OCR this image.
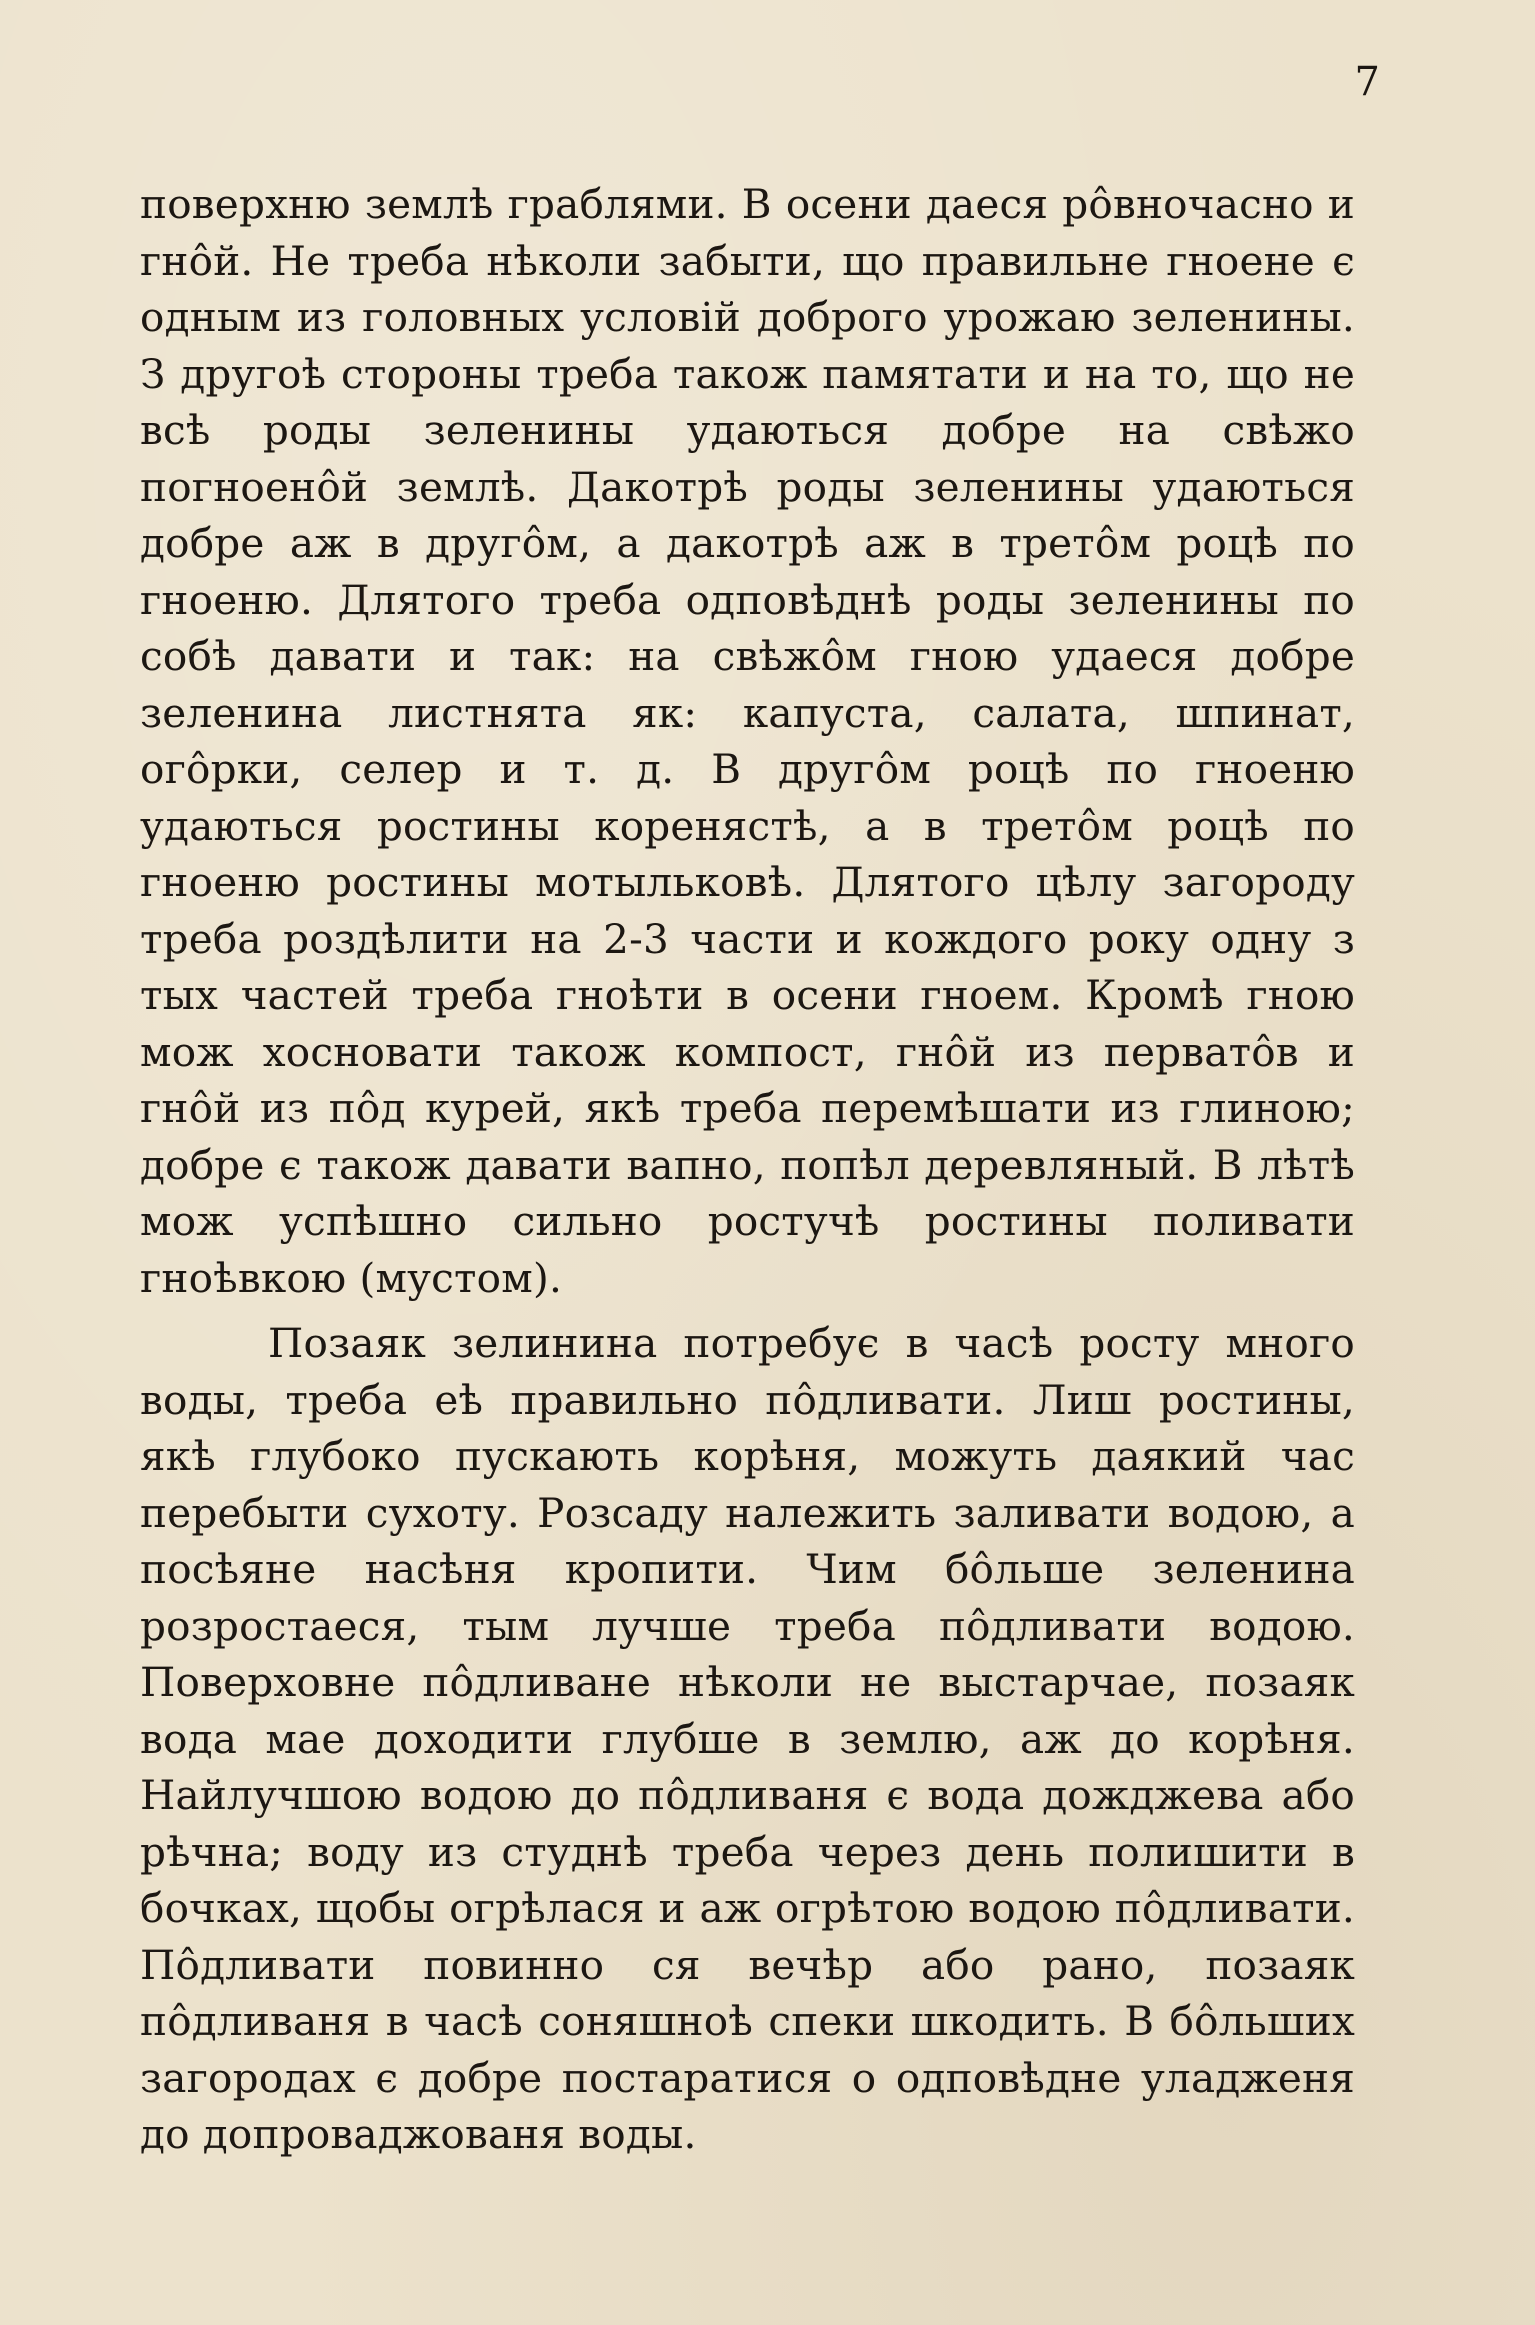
7

поверхню землѣ граблями. В осени даеся рôвночасно и гнôй. Не треба нѣколи забыти, що правильне гноене є одным из головных условій доброго урожаю зеленины. З другоѣ стороны треба також памятати и на то, що не всѣ роды зеленины удаються добре на свѣжо погноенôй землѣ. Дакотрѣ роды зеленины удаються добре аж в другôм, а дакотрѣ аж в третôм роцѣ по гноеню. Длятого треба одповѣднѣ роды зеленины по собѣ давати и так: на свѣжôм гною удаеся добре зеленина листнята як: капуста, салата, шпинат, огôрки, селер и т. д. В другôм роцѣ по гноеню удаються ростины коренястѣ, а в третôм роцѣ по гноеню ростины мотыльковѣ. Длятого цѣлу загороду треба роздѣлити на 2-3 части и кождого року одну з тых частей треба гноѣти в осени гноем. Кромѣ гною мож хосновати також компост, гнôй из перватôв и гнôй из пôд курей, якѣ треба перемѣшати из глиною; добре є також давати вапно, попѣл деревляный. В лѣтѣ мож успѣшно сильно ростучѣ ростины поливати гноѣвкою (мустом).

Позаяк зелинина потребує в часѣ росту много воды, треба еѣ правильно пôдливати. Лиш ростины, якѣ глубоко пускають корѣня, можуть даякий час перебыти сухоту. Розсаду належить заливати водою, а посѣяне насѣня кропити. Чим бôльше зеленина розростаеся, тым лучше треба пôдливати водою. Поверховне пôдливане нѣколи не выстарчае, позаяк вода мае доходити глубше в землю, аж до корѣня. Найлучшою водою до пôдливаня є вода дожджева або рѣчна; воду из студнѣ треба через день полишити в бочках, щобы огрѣлася и аж огрѣтою водою пôдливати. Пôдливати повинно ся вечѣр або рано, позаяк пôдливаня в часѣ соняшноѣ спеки шкодить. В бôльших загородах є добре постаратися о одповѣдне уладженя до допроваджованя воды.
